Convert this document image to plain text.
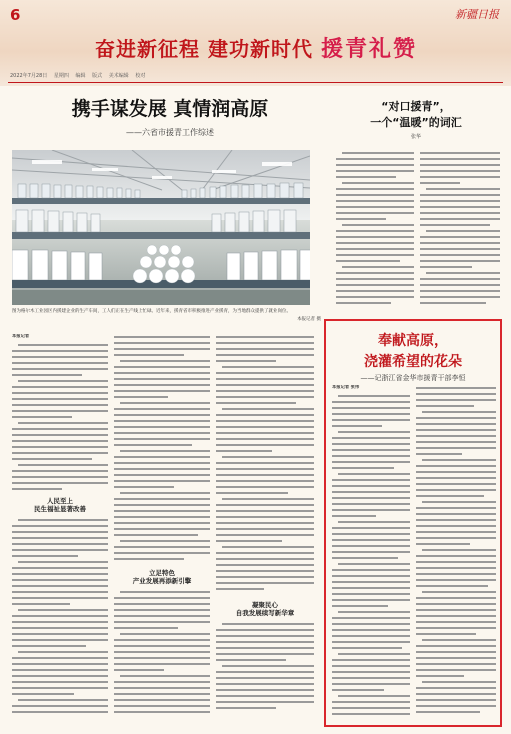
6	新疆日报
奋进新征程 建功新时代 援青礼赞
2022年7月28日 星期四 编辑 版式 美术编辑 校对
携手谋发展 真情润高原
——六省市援青工作综述
“对口援青”，
一个“温暖”的词汇
张华
图为格尔木工业园区内援建企业的生产车间，工人们正在生产线上忙碌。近年来，援青省市积极推进产业援青，为当地群众提供了就业岗位。
本报记者 摄
本报记者
人民至上
民生福祉显著改善
立足特色
产业发展再添新引擎
凝聚民心
自我发展续写新华章
奉献高原，
浇灌希望的花朵
——记浙江省金华市援青干部李恒
本报记者 张伟
